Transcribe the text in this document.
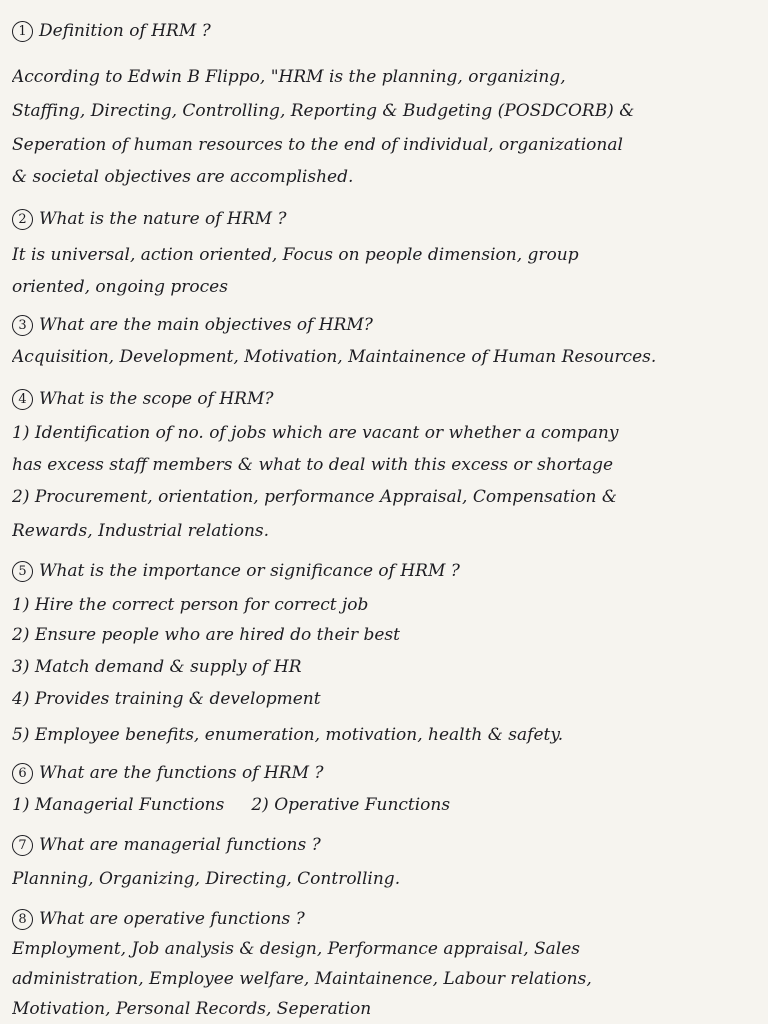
1 Definition of HRM ?
According to Edwin B Flippo, "HRM is the planning, organizing,
Staffing, Directing, Controlling, Reporting & Budgeting (POSDCORB) &
Seperation of human resources to the end of individual, organizational
& societal objectives are accomplished.
2 What is the nature of HRM ?
It is universal, action oriented, Focus on people dimension, group
oriented, ongoing proces
3 What are the main objectives of HRM?
Acquisition, Development, Motivation, Maintainence of Human Resources.
4 What is the scope of HRM?
1) Identification of no. of jobs which are vacant or whether a company
has excess staff members & what to deal with this excess or shortage
2) Procurement, orientation, performance Appraisal, Compensation &
Rewards, Industrial relations.
5 What is the importance or significance of HRM ?
1) Hire the correct person for correct job
2) Ensure people who are hired do their best
3) Match demand & supply of HR
4) Provides training & development
5) Employee benefits, enumeration, motivation, health & safety.
6 What are the functions of HRM ?
1) Managerial Functions     2) Operative Functions
7 What are managerial functions ?
Planning, Organizing, Directing, Controlling.
8 What are operative functions ?
Employment, Job analysis & design, Performance appraisal, Sales
administration, Employee welfare, Maintainence, Labour relations,
Motivation, Personal Records, Seperation
